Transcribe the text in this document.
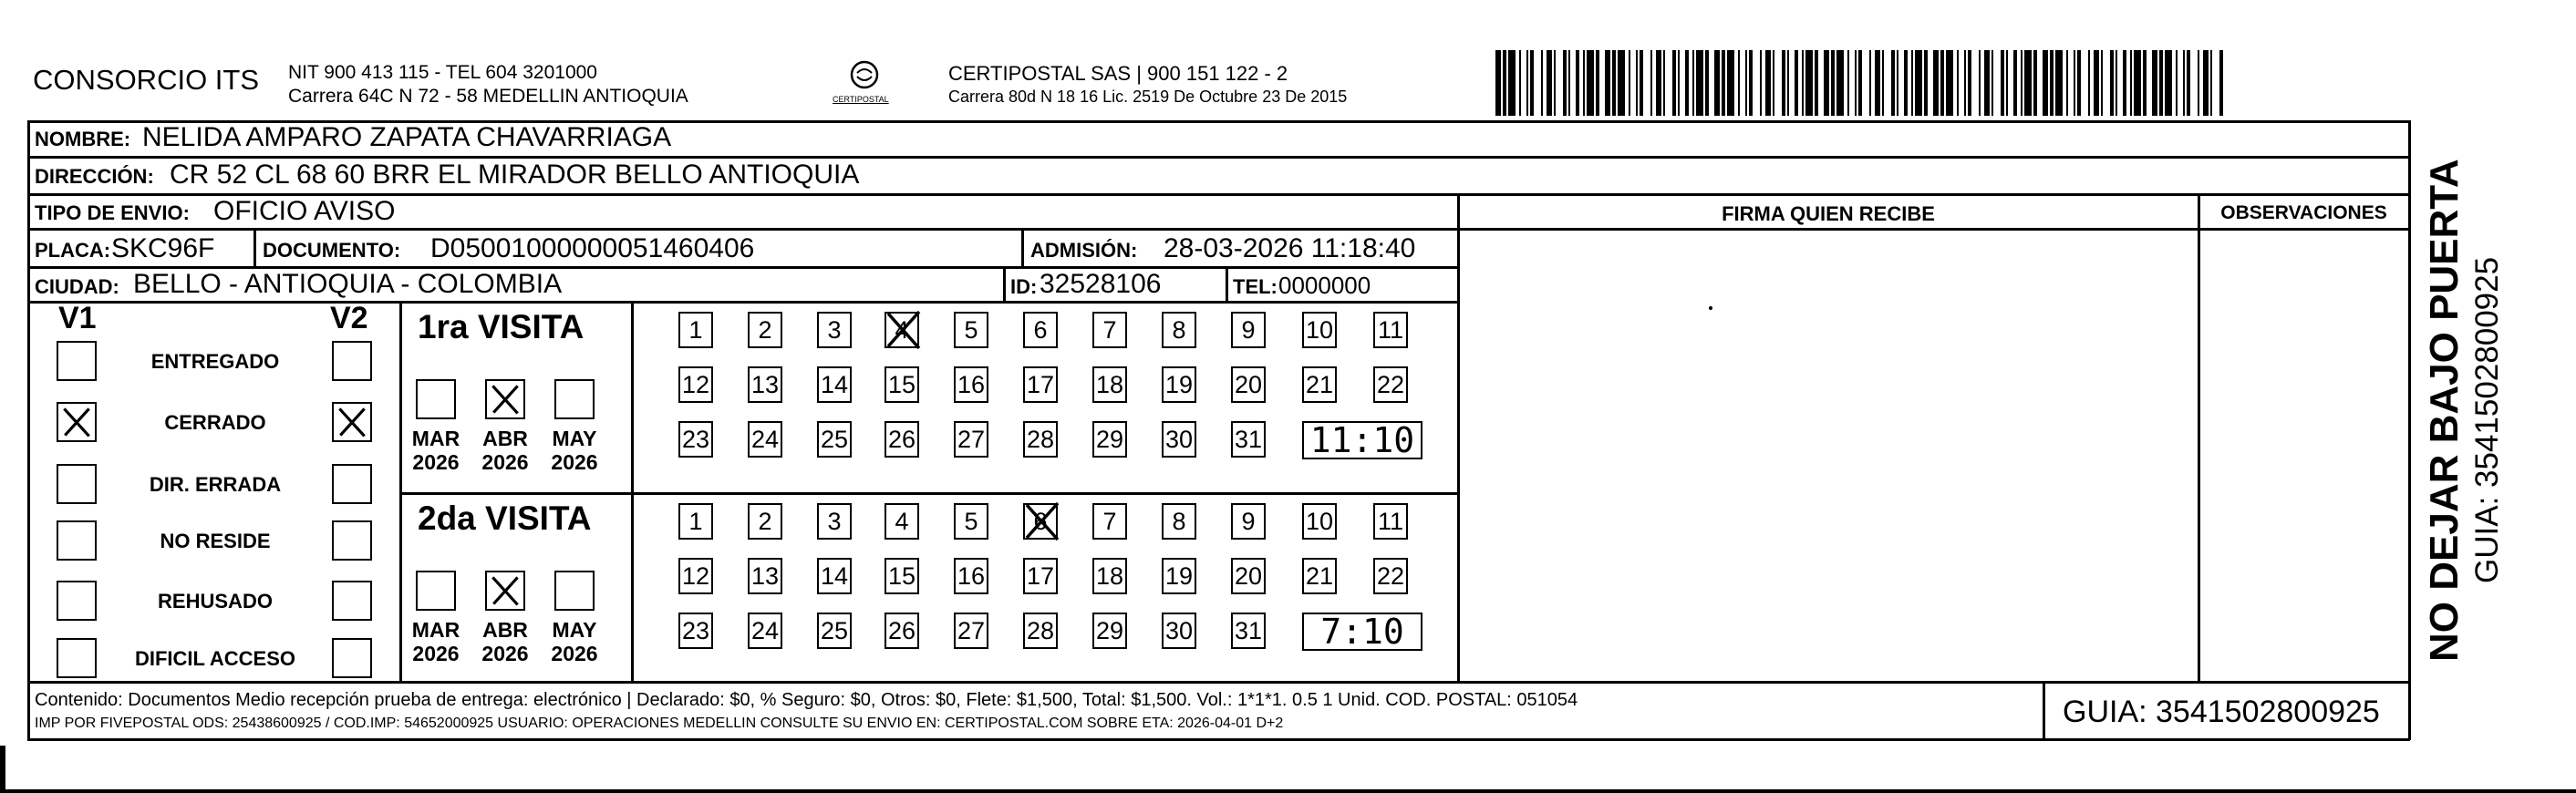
CONSORCIO ITS NIT 900 413 115 - TEL 604 3201000
Carrera 64C N 72 - 58 MEDELLIN ANTIOQUIA	CERTIPOSTAL
CERTIPOSTAL SAS | 900 151 122 - 2
Carrera 80d N 18 16 Lic. 2519 De Octubre 23 De 2015
NOMBRE: NELIDA AMPARO ZAPATA CHAVARRIAGA
DIRECCIÓN: CR 52 CL 68 60 BRR EL MIRADOR BELLO ANTIOQUIA
TIPO DE ENVIO: OFICIO AVISO	FIRMA QUIEN RECIBE	OBSERVACIONES
PLACA: SKC96F DOCUMENTO: D05001000000051460406	ADMISIÓN: 28-03-2026 11:18:40
CIUDAD: BELLO - ANTIOQUIA - COLOMBIA	ID: 32528106	TEL: 0000000
V1	V2
ENTREGADO
CERRADO
DIR. ERRADA
NO RESIDE
REHUSADO
DIFICIL ACCESO
1ra VISITA
MAR
2026
ABR
2026
MAY
2026
1	2	3	4	5	6	7	8	9	10 11
12 13 14 15 16 17 18 19 20 21 22
23 24 25 26 27 28 29 30 31 11:10
2da VISITA
MAR
2026
ABR
2026
MAY
2026
1	2	3	4	5	6	7	8	9	10 11
12 13 14 15 16 17 18 19 20 21 22
23 24 25 26 27 28 29 30 31	7:10
Contenido: Documentos Medio recepción prueba de entrega: electrónico | Declarado: $0, % Seguro: $0, Otros: $0, Flete: $1,500, Total: $1,500. Vol.: 1*1*1. 0.5 1 Unid. COD. POSTAL: 051054
IMP POR FIVEPOSTAL ODS: 25438600925 / COD.IMP: 54652000925 USUARIO: OPERACIONES MEDELLIN CONSULTE SU ENVIO EN: CERTIPOSTAL.COM SOBRE ETA: 2026-04-01 D+2	GUIA: 3541502800925
NO DEJAR BAJO PUERTA GUIA: 3541502800925
